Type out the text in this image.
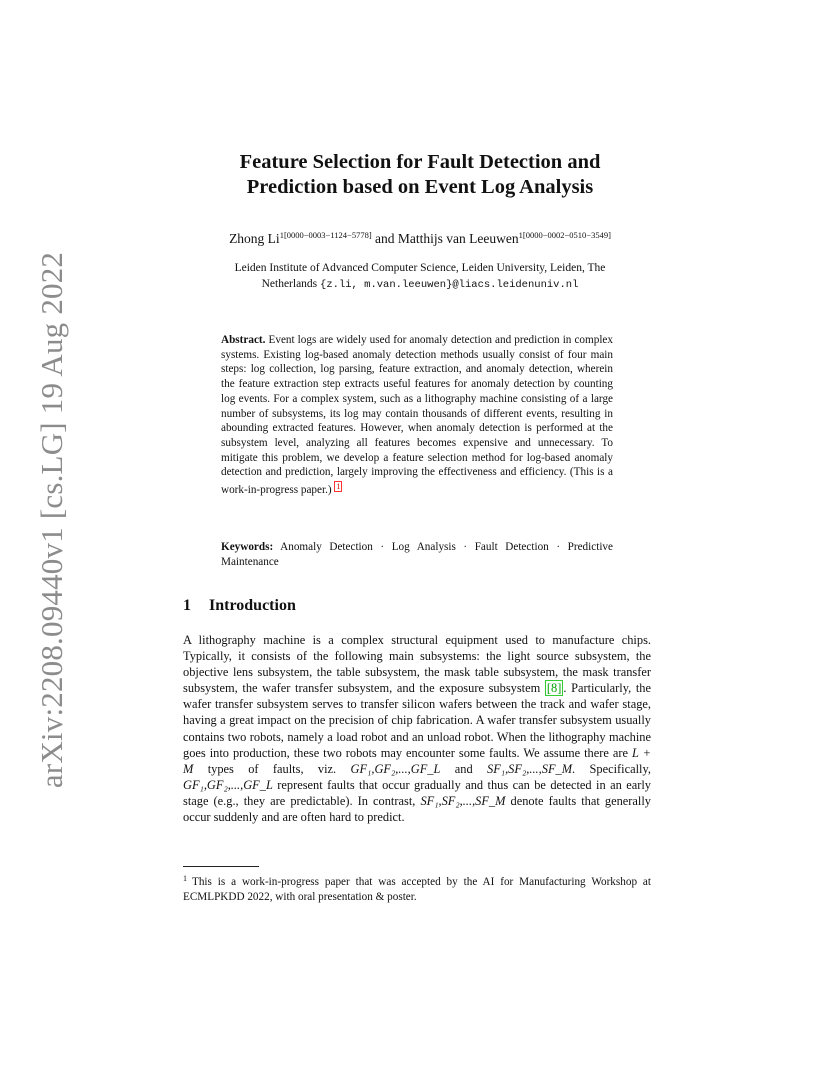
arXiv:2208.09440v1 [cs.LG] 19 Aug 2022
Feature Selection for Fault Detection and
Prediction based on Event Log Analysis
Zhong $Li^{1[0000-0003-1124-5778]}$ and Matthijs van Leeuwen$^{1[0000-0002-0510-3549]}$
Leiden Institute of Advanced Computer Science, Leiden University, Leiden, The
Netherlands {z.li, m.van.leeuwen}@liacs.leidenuniv.nl
Abstract. Event logs are widely used for anomaly detection and prediction in complex systems. Existing log-based anomaly detection methods usually consist of four main steps: log collection, log parsing, feature extraction, and anomaly detection, wherein the feature extraction step extracts useful features for anomaly detection by counting log events. For a complex system, such as a lithography machine consisting of a large number of subsystems, its log may contain thousands of different events, resulting in abounding extracted features. However, when anomaly detection is performed at the subsystem level, analyzing all features becomes expensive and unnecessary. To mitigate this problem, we develop a feature selection method for log-based anomaly detection and prediction, largely improving the effectiveness and efficiency. (This is a work-in-progress paper.) $^1$
Keywords: Anomaly Detection · Log Analysis · Fault Detection · Predictive Maintenance
1 Introduction
A lithography machine is a complex structural equipment used to manufacture chips. Typically, it consists of the following main subsystems: the light source subsystem, the objective lens subsystem, the table subsystem, the mask table subsystem, the mask transfer subsystem, the wafer transfer subsystem, and the exposure subsystem [8] . Particularly, the wafer transfer subsystem serves to transfer silicon wafers between the track and wafer stage, having a great impact on the precision of chip fabrication. A wafer transfer subsystem usually contains two robots, namely a load robot and an unload robot. When the lithography machine goes into production, these two robots may encounter some faults. We assume there are L + M types of faults, viz. GF₁,GF₂,...,GF_L and SF₁,SF₂,...,SF_M. Specifically, GF₁,GF₂,...,GF_L represent faults that occur gradually and thus can be detected in an early stage (e.g., they are predictable). In contrast, SF₁,SF₂,...,SF_M denote faults that generally occur suddenly and are often hard to predict.
$^1$ This is a work-in-progress paper that was accepted by the AI for Manufacturing Workshop at ECMLPKDD 2022, with oral presentation & poster.
